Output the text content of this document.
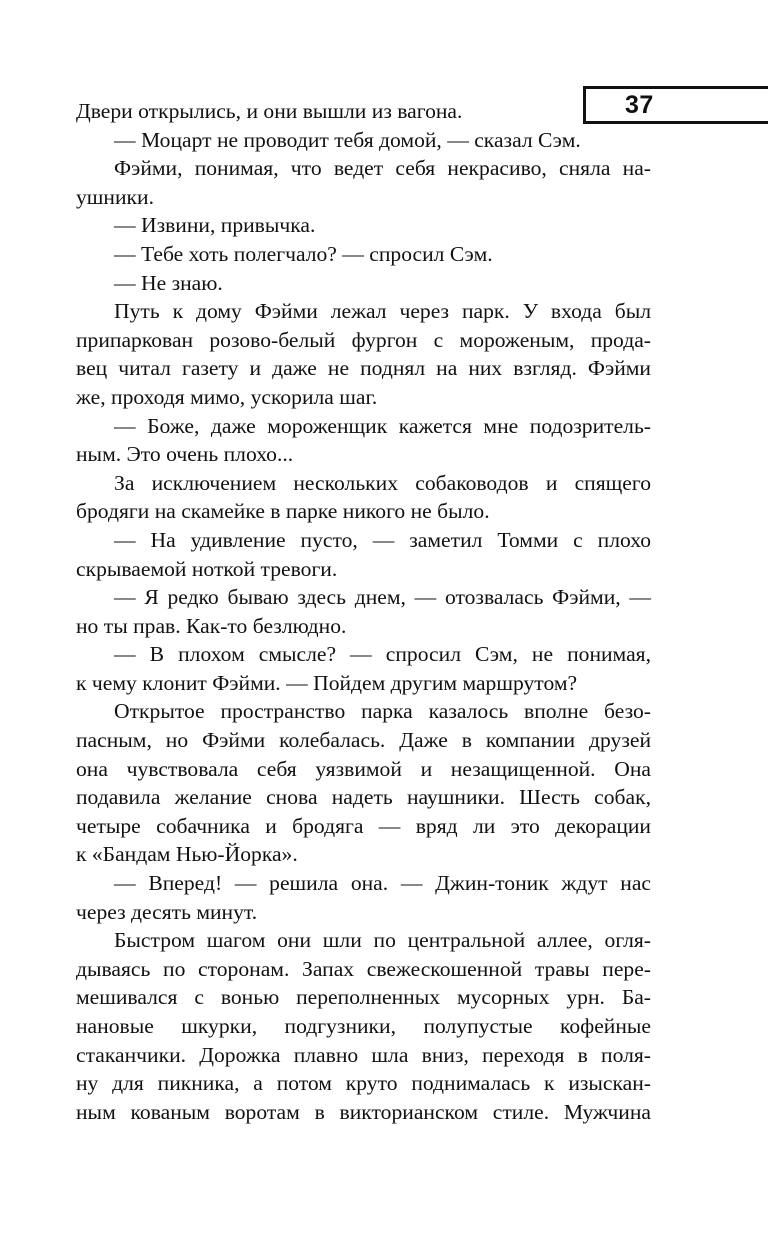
37
Двери открылись, и они вышли из вагона.
— Моцарт не проводит тебя домой, — сказал Сэм.
Фэйми, понимая, что ведет себя некрасиво, сняла на-
ушники.
— Извини, привычка.
— Тебе хоть полегчало? — спросил Сэм.
— Не знаю.
Путь к дому Фэйми лежал через парк. У входа был
припаркован розово-белый фургон с мороженым, прода-
вец читал газету и даже не поднял на них взгляд. Фэйми
же, проходя мимо, ускорила шаг.
— Боже, даже мороженщик кажется мне подозритель-
ным. Это очень плохо...
За исключением нескольких собаководов и спящего
бродяги на скамейке в парке никого не было.
— На удивление пусто, — заметил Томми с плохо
скрываемой ноткой тревоги.
— Я редко бываю здесь днем, — отозвалась Фэйми, —
но ты прав. Как-то безлюдно.
— В плохом смысле? — спросил Сэм, не понимая,
к чему клонит Фэйми. — Пойдем другим маршрутом?
Открытое пространство парка казалось вполне безо-
пасным, но Фэйми колебалась. Даже в компании друзей
она чувствовала себя уязвимой и незащищенной. Она
подавила желание снова надеть наушники. Шесть собак,
четыре собачника и бродяга — вряд ли это декорации
к «Бандам Нью-Йорка».
— Вперед! — решила она. — Джин-тоник ждут нас
через десять минут.
Быстром шагом они шли по центральной аллее, огля-
дываясь по сторонам. Запах свежескошенной травы пере-
мешивался с вонью переполненных мусорных урн. Ба-
нановые шкурки, подгузники, полупустые кофейные
стаканчики. Дорожка плавно шла вниз, переходя в поля-
ну для пикника, а потом круто поднималась к изыскан-
ным кованым воротам в викторианском стиле. Мужчина
